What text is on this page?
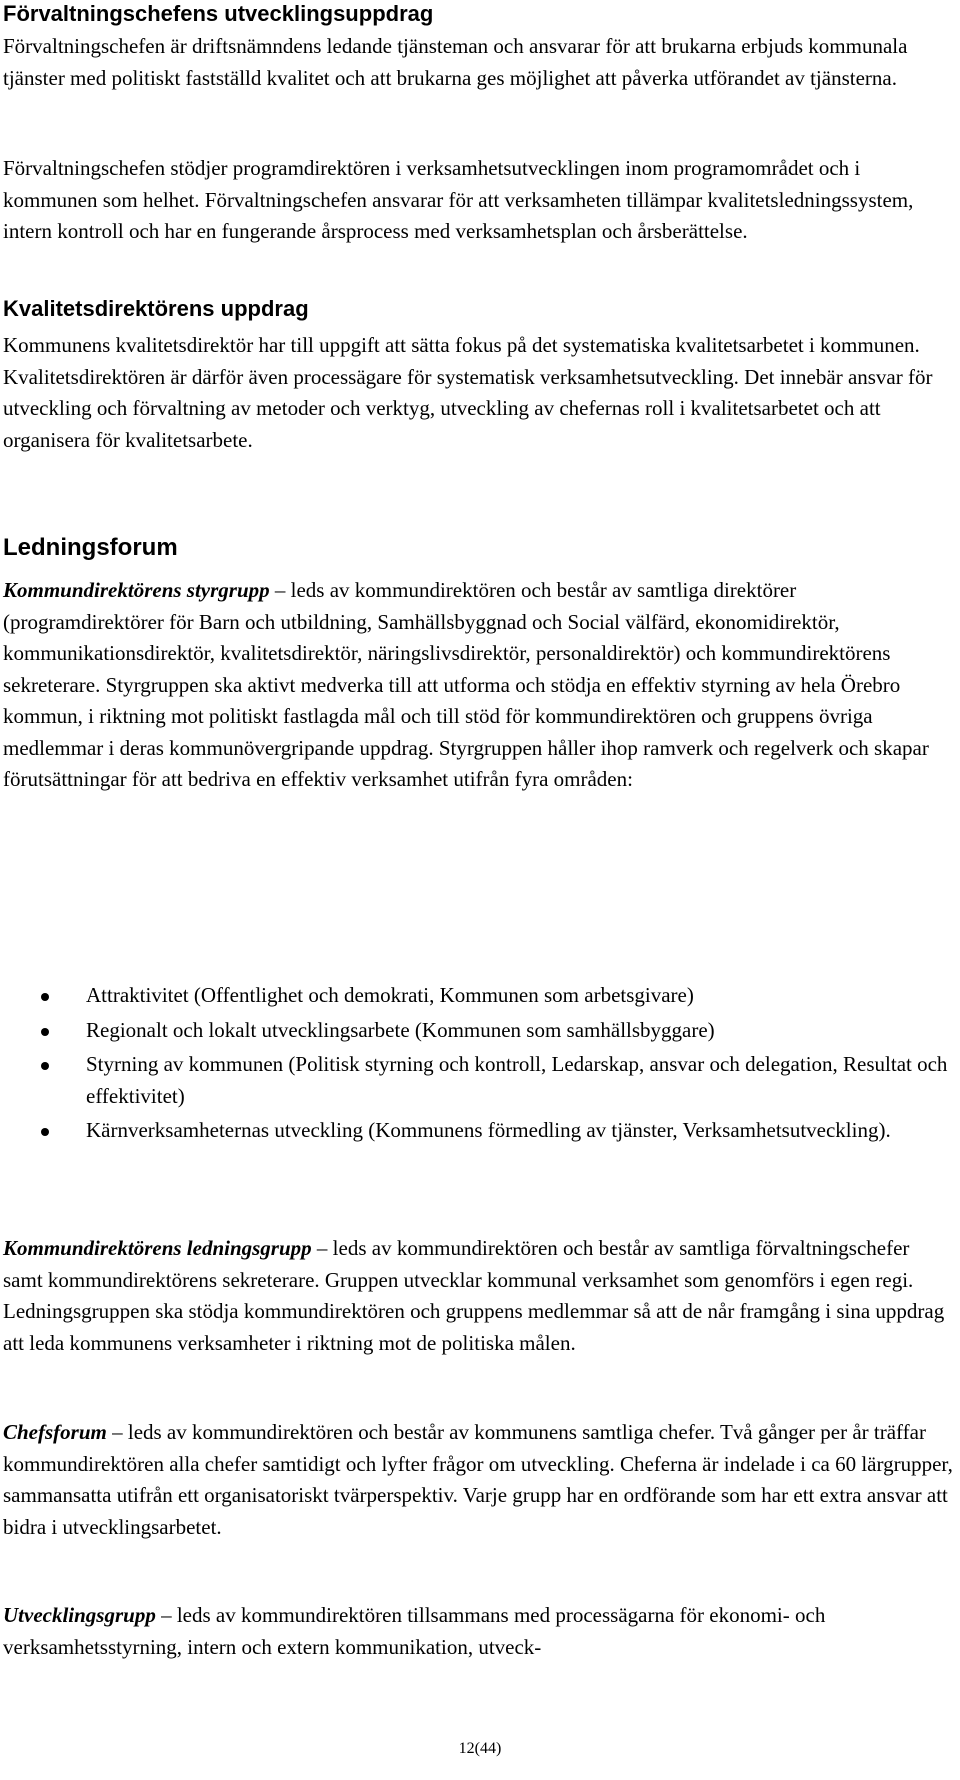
Förvaltningschefens utvecklingsuppdrag

Förvaltningschefen är driftsnämndens ledande tjänsteman och ansvarar för att brukarna erbjuds kommunala tjänster med politiskt fastställd kvalitet och att brukarna ges möjlighet att påverka utförandet av tjänsterna.

Förvaltningschefen stödjer programdirektören i verksamhetsutvecklingen inom programområdet och i kommunen som helhet. Förvaltningschefen ansvarar för att verksamheten tillämpar kvalitetsledningssystem, intern kontroll och har en fungerande årsprocess med verksamhetsplan och årsberättelse.

Kvalitetsdirektörens uppdrag

Kommunens kvalitetsdirektör har till uppgift att sätta fokus på det systematiska kvalitetsarbetet i kommunen. Kvalitetsdirektören är därför även processägare för systematisk verksamhetsutveckling. Det innebär ansvar för utveckling och förvaltning av metoder och verktyg, utveckling av chefernas roll i kvalitetsarbetet och att organisera för kvalitetsarbete.

Ledningsforum

Kommundirektörens styrgrupp – leds av kommundirektören och består av samtliga direktörer (programdirektörer för Barn och utbildning, Samhällsbyggnad och Social välfärd, ekonomidirektör, kommunikationsdirektör, kvalitetsdirektör, näringslivsdirektör, personaldirektör) och kommundirektörens sekreterare. Styrgruppen ska aktivt medverka till att utforma och stödja en effektiv styrning av hela Örebro kommun, i riktning mot politiskt fastlagda mål och till stöd för kommundirektören och gruppens övriga medlemmar i deras kommunövergripande uppdrag. Styrgruppen håller ihop ramverk och regelverk och skapar förutsättningar för att bedriva en effektiv verksamhet utifrån fyra områden:

Attraktivitet (Offentlighet och demokrati, Kommunen som arbetsgivare)
Regionalt och lokalt utvecklingsarbete (Kommunen som samhällsbyggare)
Styrning av kommunen (Politisk styrning och kontroll, Ledarskap, ansvar och delegation, Resultat och effektivitet)
Kärnverksamheternas utveckling (Kommunens förmedling av tjänster, Verksamhetsutveckling).

Kommundirektörens ledningsgrupp – leds av kommundirektören och består av samtliga förvaltningschefer samt kommundirektörens sekreterare. Gruppen utvecklar kommunal verksamhet som genomförs i egen regi. Ledningsgruppen ska stödja kommundirektören och gruppens medlemmar så att de når framgång i sina uppdrag att leda kommunens verksamheter i riktning mot de politiska målen.

Chefsforum – leds av kommundirektören och består av kommunens samtliga chefer. Två gånger per år träffar kommundirektören alla chefer samtidigt och lyfter frågor om utveckling. Cheferna är indelade i ca 60 lärgrupper, sammansatta utifrån ett organisatoriskt tvärperspektiv. Varje grupp har en ordförande som har ett extra ansvar att bidra i utvecklingsarbetet.

Utvecklingsgrupp – leds av kommundirektören tillsammans med processägarna för ekonomi- och verksamhetsstyrning, intern och extern kommunikation, utveck-

12(44)
